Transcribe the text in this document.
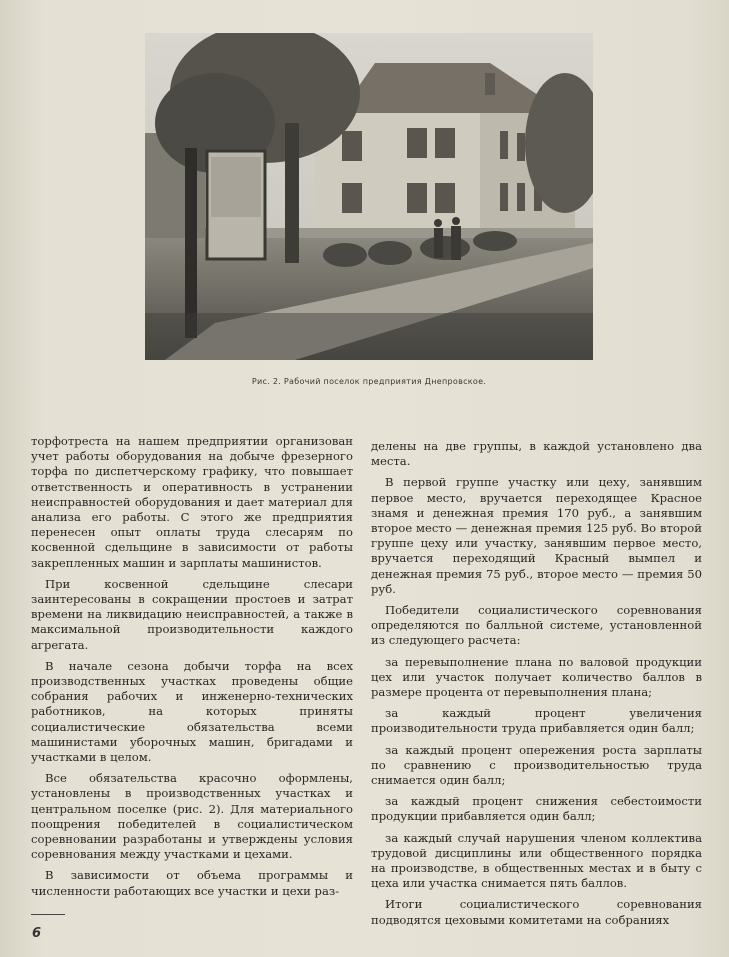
Рис. 2. Рабочий поселок предприятия Днепровское.

торфотреста на нашем предприятии организован учет работы оборудования на добыче фрезерного торфа по диспетчерскому графику, что повышает ответственность и оперативность в устранении неисправностей оборудования и дает материал для анализа его работы. С этого же предприятия перенесен опыт оплаты труда слесарям по косвенной сдельщине в зависимости от работы закрепленных машин и зарплаты машинистов.

При косвенной сдельщине слесари заинтересованы в сокращении простоев и затрат времени на ликвидацию неисправностей, а также в максимальной производительности каждого агрегата.

В начале сезона добычи торфа на всех производственных участках проведены общие собрания рабочих и инженерно-технических работников, на которых приняты социалистические обязательства всеми машинистами уборочных машин, бригадами и участками в целом.

Все обязательства красочно оформлены, установлены в производственных участках и центральном поселке (рис. 2). Для материального поощрения победителей в социалистическом соревновании разработаны и утверждены условия соревнования между участками и цехами.

В зависимости от объема программы и численности работающих все участки и цехи раз-

делены на две группы, в каждой установлено два места.

В первой группе участку или цеху, занявшим первое место, вручается переходящее Красное знамя и денежная премия 170 руб., а занявшим второе место — денежная премия 125 руб. Во второй группе цеху или участку, занявшим первое место, вручается переходящий Красный вымпел и денежная премия 75 руб., второе место — премия 50 руб.

Победители социалистического соревнования определяются по балльной системе, установленной из следующего расчета:

за перевыполнение плана по валовой продукции цех или участок получает количество баллов в размере процента от перевыполнения плана;

за каждый процент увеличения производительности труда прибавляется один балл;

за каждый процент опережения роста зарплаты по сравнению с производительностью труда снимается один балл;

за каждый процент снижения себестоимости продукции прибавляется один балл;

за каждый случай нарушения членом коллектива трудовой дисциплины или общественного порядка на производстве, в общественных местах и в быту с цеха или участка снимается пять баллов.

Итоги социалистического соревнования подводятся цеховыми комитетами на собраниях

6
